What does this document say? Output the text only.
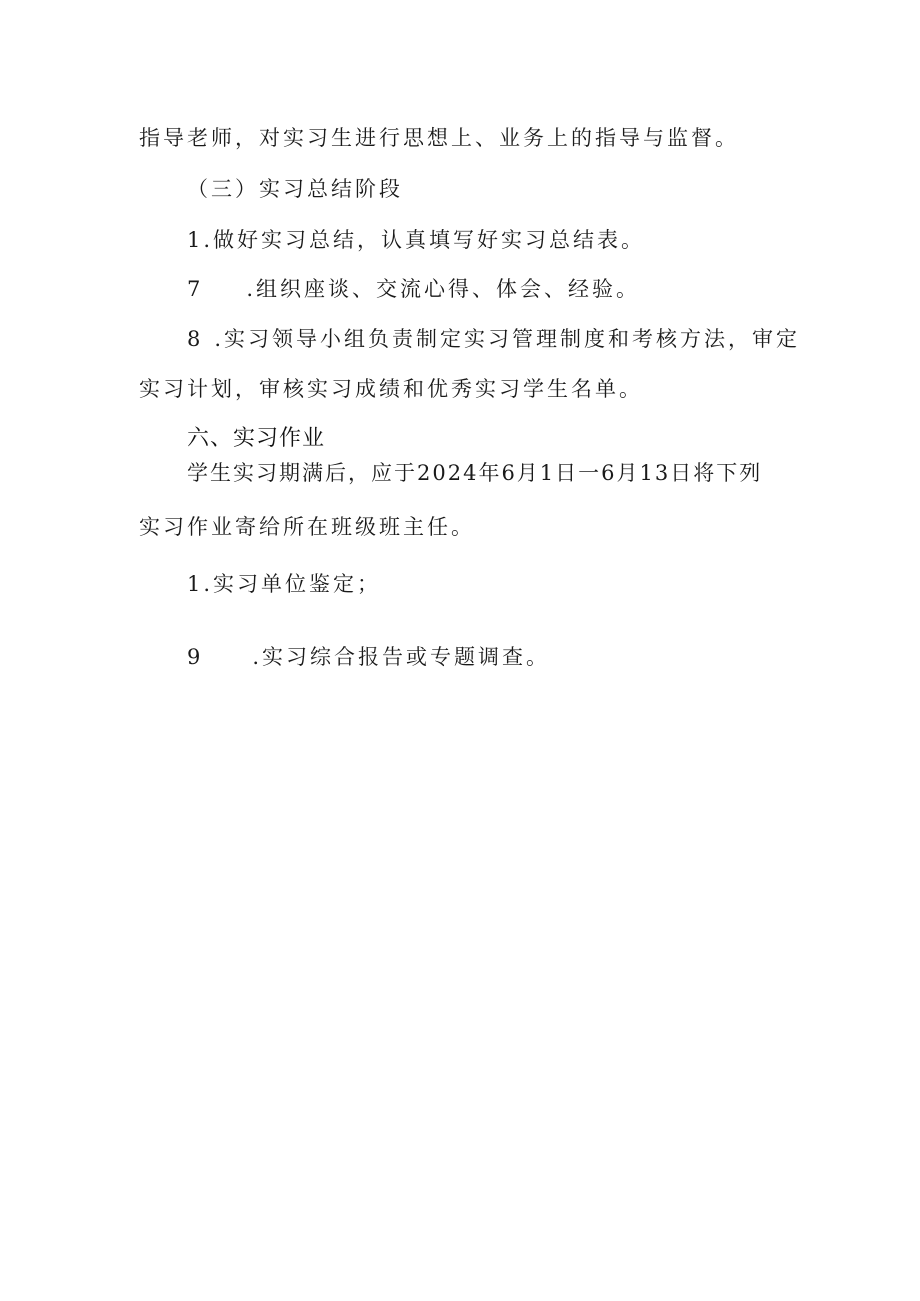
指导老师，对实习生进行思想上、业务上的指导与监督。
（三）实习总结阶段
1.做好实习总结，认真填写好实习总结表。
7 .组织座谈、交流心得、体会、经验。
8 .实习领导小组负责制定实习管理制度和考核方法，审定
实习计划，审核实习成绩和优秀实习学生名单。
六、实习作业
学生实习期满后，应于2024年6月1日一6月13日将下列
实习作业寄给所在班级班主任。
1.实习单位鉴定；
9 .实习综合报告或专题调查。
